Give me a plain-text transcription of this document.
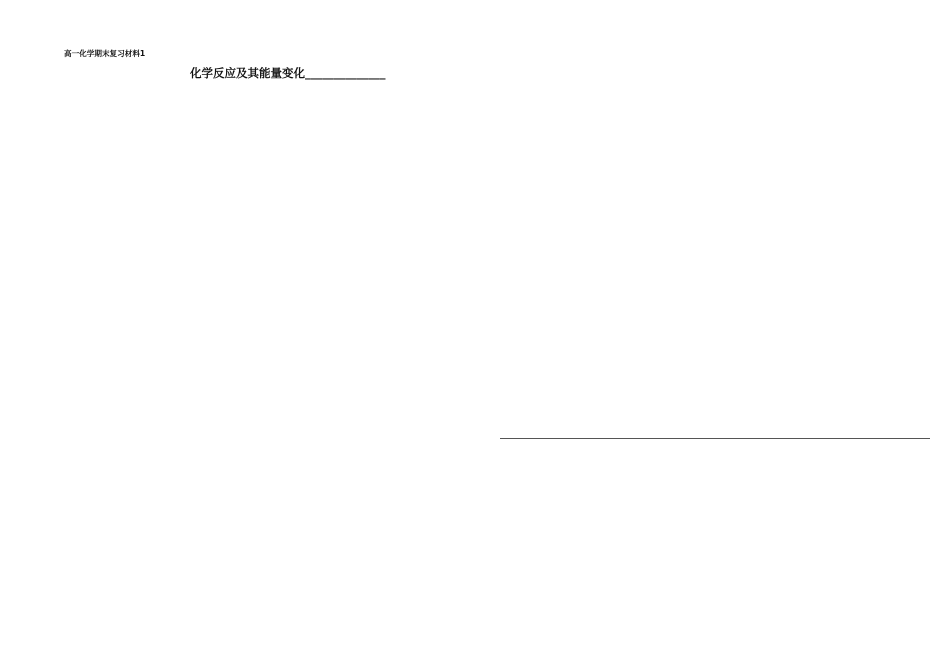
高一化学期末复习材料1
化学反应及其能量变化______________
